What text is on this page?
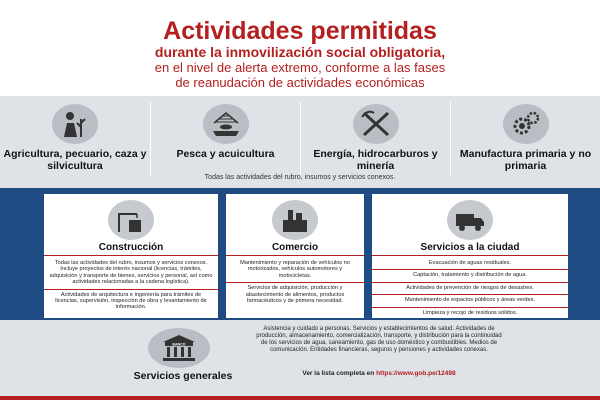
Actividades permitidas
durante la inmovilización social obligatoria,
en el nivel de alerta extremo, conforme a las fases
de reanudación de actividades económicas
Agricultura, pecuario, caza y silvicultura
Pesca y acuicultura	Energía, hidrocarburos y minería
Manufactura primaria y no primaria
Todas las actividades del rubro, insumos y servicios conexos.
Construcción

Todas las actividades del rubro, insumos y servicios conexos. Incluye proyectos de interés nacional (licencias, trámites, adquisición y transporte de bienes, servicios y personal, así como actividades relacionadas a la cadena logística).

Actividades de arquitectura e ingeniería para trámites de licencias, supervisión, inspección de obra y levantamiento de información.

Comercio

Mantenimiento y reparación de vehículos no motorizados, vehículos automotores y motocicletas.

Servicios de adquisición, producción y abastecimiento de alimentos, productos farmacéuticos y de primera necesidad.

Servicios a la ciudad

Evacuación de aguas residuales.

Captación, tratamiento y distribución de agua.

Actividades de prevención de riesgos de desastres.

Mantenimiento de espacios públicos y áreas verdes.

Limpieza y recojo de residuos sólidos.

BANCO
Servicios generales
Asistencia y cuidado a personas. Servicios y establecimientos de salud. Actividades de producción, almacenamiento, comercialización, transporte, y distribución para la continuidad de los servicios de agua, saneamiento, gas de uso doméstico y combustibles. Medios de comunicación. Entidades financieras, seguros y pensiones y actividades conexas.
Ver la lista completa en https://www.gob.pe/12498
